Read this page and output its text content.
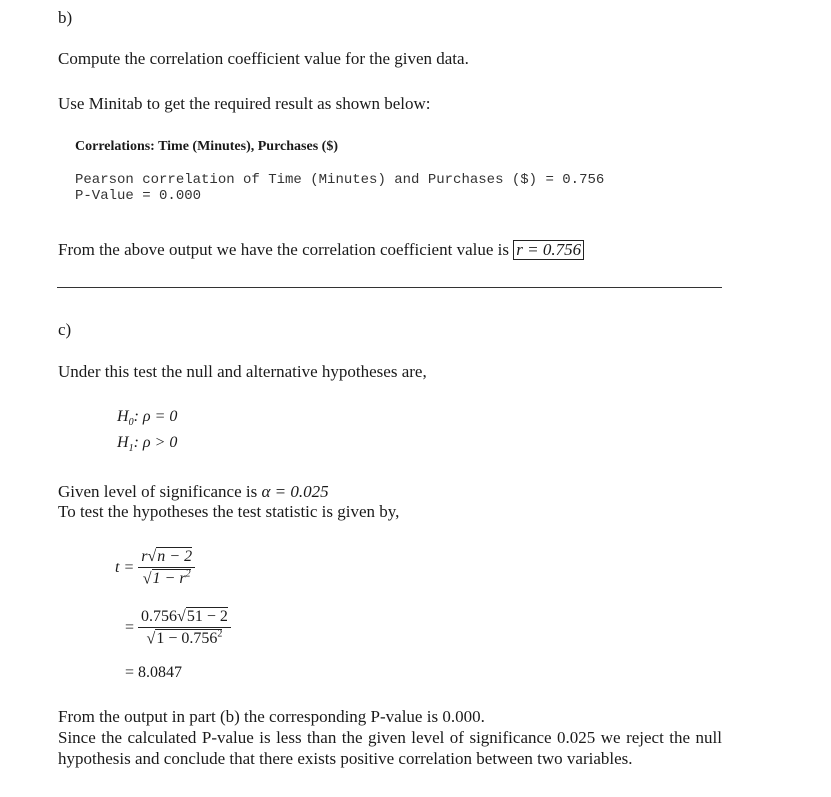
b)
Compute the correlation coefficient value for the given data.
Use Minitab to get the required result as shown below:
Correlations: Time (Minutes), Purchases ($)
Pearson correlation of Time (Minutes) and Purchases ($) = 0.756
P-Value = 0.000
From the above output we have the correlation coefficient value is r = 0.756
c)
Under this test the null and alternative hypotheses are,
$H_0$: ρ = 0
$H_1$: ρ > 0
Given level of significance is α = 0.025
To test the hypotheses the test statistic is given by,
$t = \frac{r√n - 2}{√1 - r^2}$
= $\frac{0.756√51 - 2}{√1 - 0.756^2}$
= 8.0847

From the output in part (b) the corresponding P-value is 0.000.

Since the calculated P-value is less than the given level of significance 0.025 we reject the null hypothesis and conclude that there exists positive correlation between two variables.
